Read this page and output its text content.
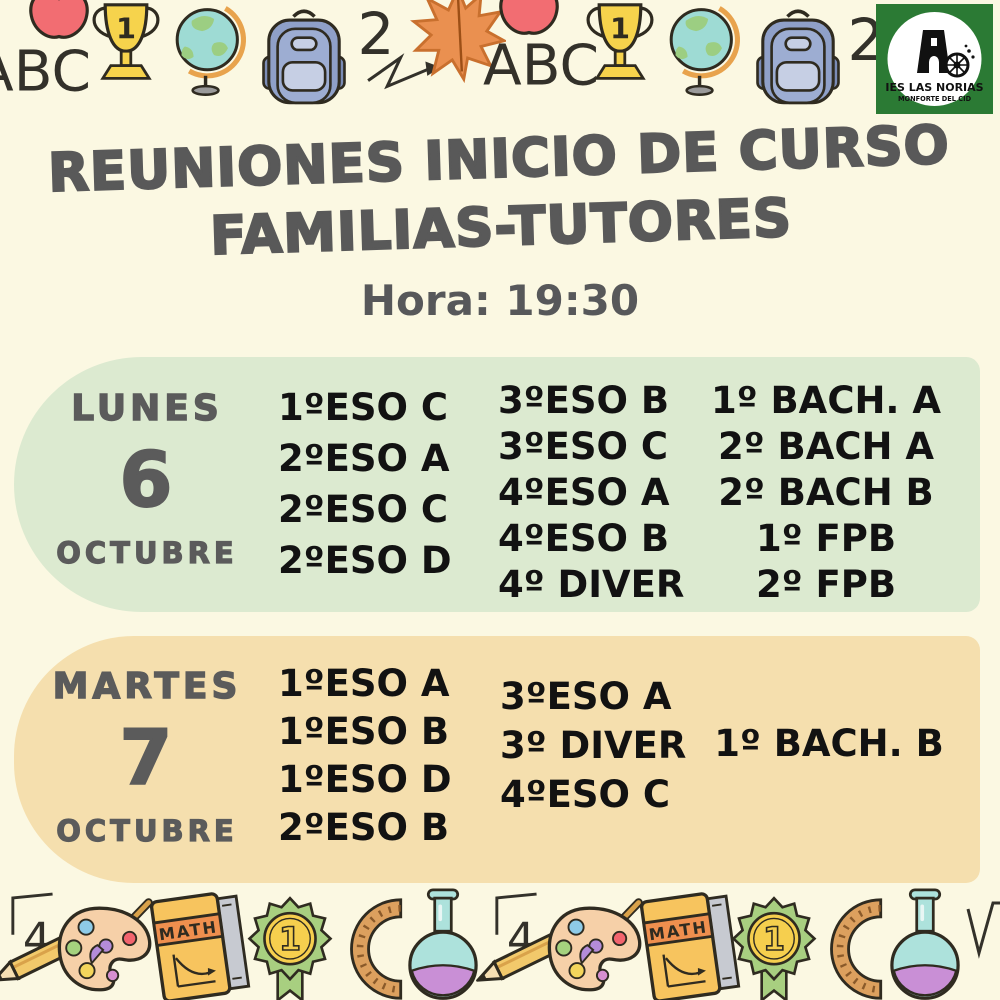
IES LAS NORIAS
MONFORTE DEL CID
REUNIONES INICIO DE CURSO
FAMILIAS-TUTORES
Hora: 19:30
LUNES
6
OCTUBRE
1ºESO C
2ºESO A
2ºESO C
2ºESO D
3ºESO B
3ºESO C
4ºESO A
4ºESO B
4º DIVER
1º BACH. A
2º BACH A
2º BACH B
1º FPB
2º FPB
MARTES
7
OCTUBRE
1ºESO A
1ºESO B
1ºESO D
2ºESO B
3ºESO A
3º DIVER
4ºESO C
1º BACH. B
